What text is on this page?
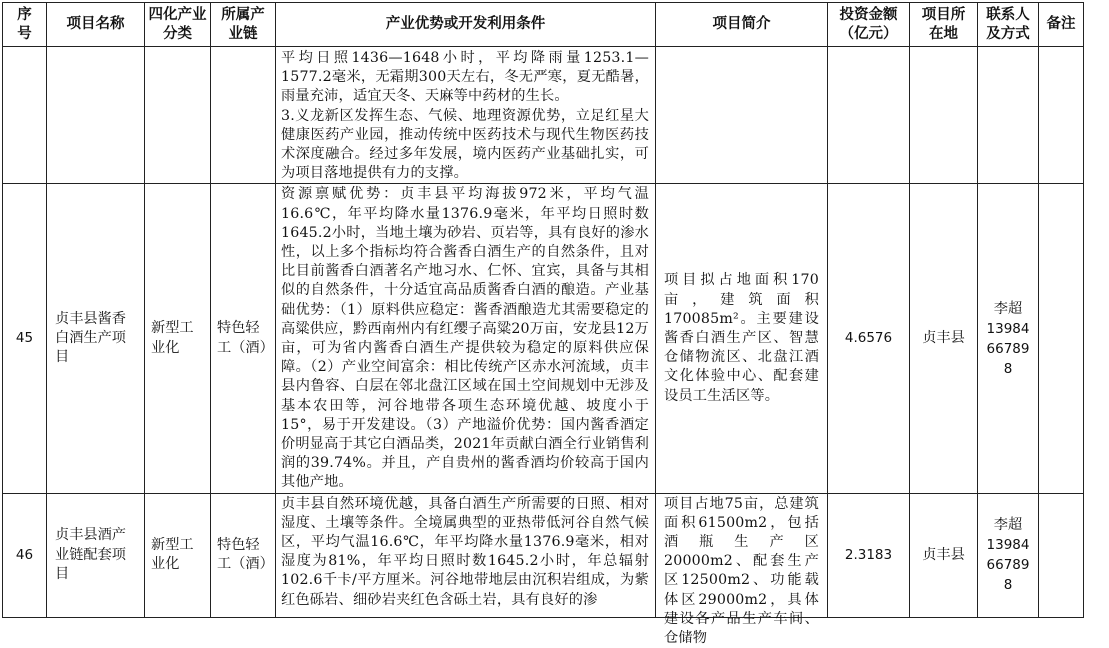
序号	项目名称	四化产业分类	所属产业链	产业优势或开发利用条件	项目简介	投资金额（亿元）	项目所在地	联系人及方式	备注

				平均日照1436—1648小时，平均降雨量1253.1—1577.2毫米，无霜期300天左右，冬无严寒，夏无酷暑，雨量充沛，适宜天冬、天麻等中药材的生长。
3.义龙新区发挥生态、气候、地理资源优势，立足红星大健康医药产业园，推动传统中医药技术与现代生物医药技术深度融合。经过多年发展，境内医药产业基础扎实，可为项目落地提供有力的支撑。					

45	贞丰县酱香白酒生产项目	新型工业化	特色轻工（酒）	资源禀赋优势：贞丰县平均海拔972米，平均气温16.6℃，年平均降水量1376.9毫米，年平均日照时数1645.2小时，当地土壤为砂岩、页岩等，具有良好的渗水性，以上多个指标均符合酱香白酒生产的自然条件，且对比目前酱香白酒著名产地习水、仁怀、宜宾，具备与其相似的自然条件，十分适宜高品质酱香白酒的酿造。产业基础优势：（1）原料供应稳定：酱香酒酿造尤其需要稳定的高粱供应，黔西南州内有红缨子高粱20万亩，安龙县12万亩，可为省内酱香白酒生产提供较为稳定的原料供应保障。（2）产业空间富余：相比传统产区赤水河流域，贞丰县内鲁容、白层在邻北盘江区域在国土空间规划中无涉及基本农田等，河谷地带各项生态环境优越、坡度小于15°，易于开发建设。（3）产地溢价优势：国内酱香酒定价明显高于其它白酒品类，2021年贡献白酒全行业销售利润的39.74%。并且，产自贵州的酱香酒均价较高于国内其他产地。	项目拟占地面积170亩，建筑面积170085m²。主要建设酱香白酒生产区、智慧仓储物流区、北盘江酒文化体验中心、配套建设员工生活区等。	4.6576	贞丰县	李超
13984667898	

46	贞丰县酒产业链配套项目	新型工业化	特色轻工（酒）	贞丰县自然环境优越，具备白酒生产所需要的日照、相对湿度、土壤等条件。全境属典型的亚热带低河谷自然气候区，平均气温16.6℃，年平均降水量1376.9毫米，相对湿度为81%，年平均日照时数1645.2小时，年总辐射102.6千卡/平方厘米。河谷地带地层由沉积岩组成，为紫红色砾岩、细砂岩夹红色含砾土岩，具有良好的渗	项目占地75亩，总建筑面积61500m2，包括酒瓶生产区20000m2、配套生产区12500m2、功能载体区29000m2，具体建设各产品生产车间、仓储物	2.3183	贞丰县	李超
13984667898	
